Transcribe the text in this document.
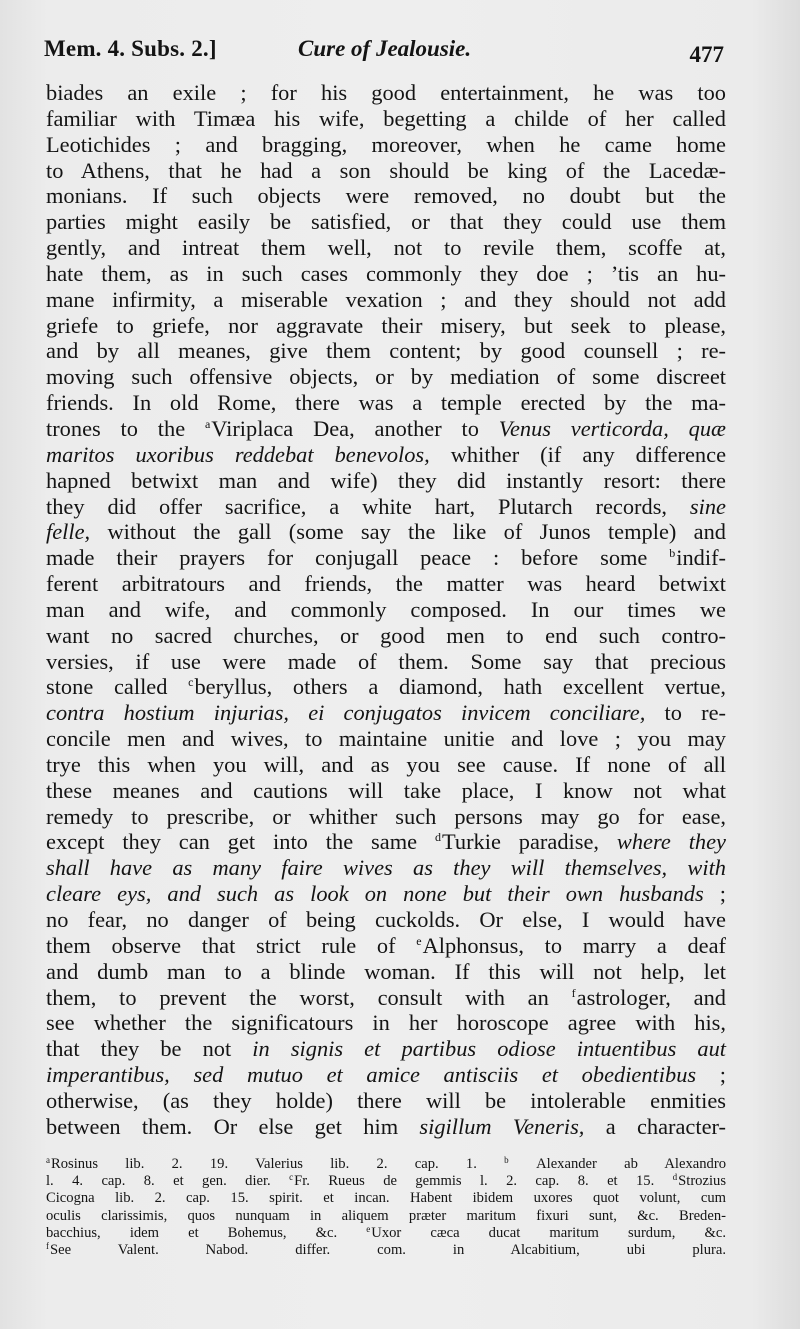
Mem. 4. Subs. 2.]	Cure of Jealousie.	477
biades an exile ; for his good entertainment, he was too
familiar with Timæa his wife, begetting a childe of her called
Leotichides ; and bragging, moreover, when he came home
to Athens, that he had a son should be king of the Lacedæ-
monians. If such objects were removed, no doubt but the
parties might easily be satisfied, or that they could use them
gently, and intreat them well, not to revile them, scoffe at,
hate them, as in such cases commonly they doe ; ’tis an hu-
mane infirmity, a miserable vexation ; and they should not add
griefe to griefe, nor aggravate their misery, but seek to please,
and by all meanes, give them content; by good counsell ; re-
moving such offensive objects, or by mediation of some discreet
friends. In old Rome, there was a temple erected by the ma-
trones to the $^a$Viriplaca Dea, another to Venus verticorda, quæ
maritos uxoribus reddebat benevolos, whither (if any difference
hapned betwixt man and wife) they did instantly resort: there
they did offer sacrifice, a white hart, Plutarch records, sine
felle, without the gall (some say the like of Junos temple) and
made their prayers for conjugall peace : before some $^b$indif-
ferent arbitratours and friends, the matter was heard betwixt
man and wife, and commonly composed. In our times we
want no sacred churches, or good men to end such contro-
versies, if use were made of them. Some say that precious
stone called $^c$beryllus, others a diamond, hath excellent vertue,
contra hostium injurias, ei conjugatos invicem conciliare, to re-
concile men and wives, to maintaine unitie and love ; you may
trye this when you will, and as you see cause. If none of all
these meanes and cautions will take place, I know not what
remedy to prescribe, or whither such persons may go for ease,
except they can get into the same $^d$Turkie paradise, where they
shall have as many faire wives as they will themselves, with
cleare eys, and such as look on none but their own husbands ;
no fear, no danger of being cuckolds. Or else, I would have
them observe that strict rule of $^e$Alphonsus, to marry a deaf
and dumb man to a blinde woman. If this will not help, let
them, to prevent the worst, consult with an $^f$astrologer, and
see whether the significatours in her horoscope agree with his,
that they be not in signis et partibus odiose intuentibus aut
imperantibus, sed mutuo et amice antisciis et obedientibus ;
otherwise, (as they holde) there will be intolerable enmities
between them. Or else get him sigillum Veneris, a character-
$^a$Rosinus lib. 2. 19. Valerius lib. 2. cap. 1. $^b$ Alexander ab Alexandro
l. 4. cap. 8. et gen. dier. $^c$Fr. Rueus de gemmis l. 2. cap. 8. et 15. $^d$Strozius
Cicogna lib. 2. cap. 15. spirit. et incan. Habent ibidem uxores quot volunt, cum
oculis clarissimis, quos nunquam in aliquem præter maritum fixuri sunt, &c. Breden-
bacchius, idem et Bohemus, &c. $^e$Uxor cæca ducat maritum surdum, &c.
$^f$See Valent. Nabod. differ. com. in Alcabitium, ubi plura.
